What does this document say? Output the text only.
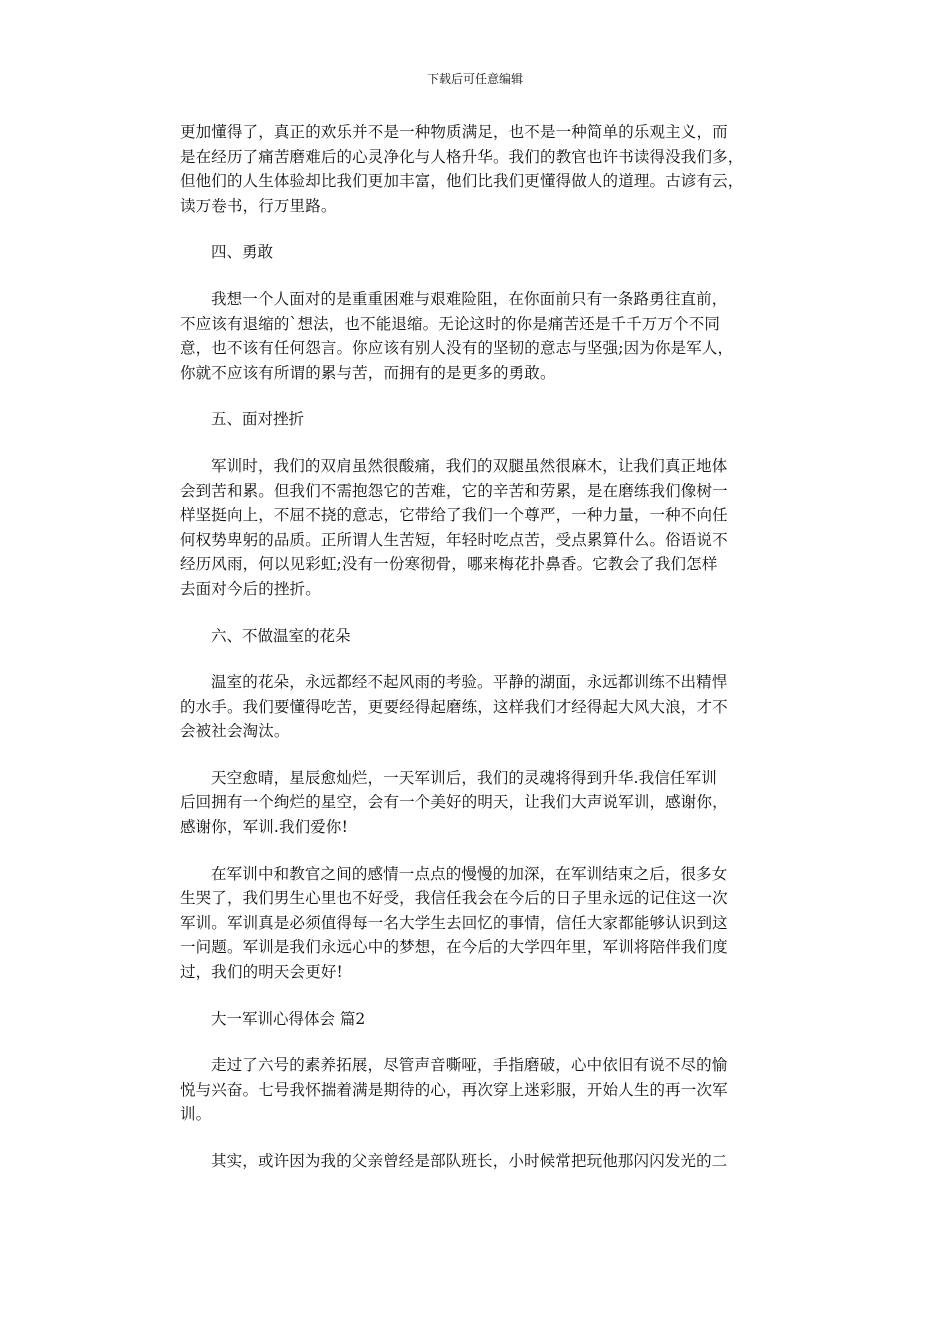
下载后可任意编辑

更加懂得了，真正的欢乐并不是一种物质满足，也不是一种简单的乐观主义，而
是在经历了痛苦磨难后的心灵净化与人格升华。我们的教官也许书读得没我们多，
但他们的人生体验却比我们更加丰富，他们比我们更懂得做人的道理。古谚有云，
读万卷书，行万里路。

四、勇敢

我想一个人面对的是重重困难与艰难险阻，在你面前只有一条路勇往直前，
不应该有退缩的`想法，也不能退缩。无论这时的你是痛苦还是千千万万个不同
意，也不该有任何怨言。你应该有别人没有的坚韧的意志与坚强;因为你是军人，
你就不应该有所谓的累与苦，而拥有的是更多的勇敢。

五、面对挫折

军训时，我们的双肩虽然很酸痛，我们的双腿虽然很麻木，让我们真正地体
会到苦和累。但我们不需抱怨它的苦难，它的辛苦和劳累，是在磨练我们像树一
样坚挺向上，不屈不挠的意志，它带给了我们一个尊严，一种力量，一种不向任
何权势卑躬的品质。正所谓人生苦短，年轻时吃点苦，受点累算什么。俗语说不
经历风雨，何以见彩虹;没有一份寒彻骨，哪来梅花扑鼻香。它教会了我们怎样
去面对今后的挫折。

六、不做温室的花朵

温室的花朵，永远都经不起风雨的考验。平静的湖面，永远都训练不出精悍
的水手。我们要懂得吃苦，更要经得起磨练，这样我们才经得起大风大浪，才不
会被社会淘汰。

天空愈晴，星辰愈灿烂，一天军训后，我们的灵魂将得到升华.我信任军训
后回拥有一个绚烂的星空，会有一个美好的明天，让我们大声说军训，感谢你，
感谢你，军训.我们爱你!

在军训中和教官之间的感情一点点的慢慢的加深，在军训结束之后，很多女
生哭了，我们男生心里也不好受，我信任我会在今后的日子里永远的记住这一次
军训。军训真是必须值得每一名大学生去回忆的事情，信任大家都能够认识到这
一问题。军训是我们永远心中的梦想，在今后的大学四年里，军训将陪伴我们度
过，我们的明天会更好!

大一军训心得体会 篇2

走过了六号的素养拓展，尽管声音嘶哑，手指磨破，心中依旧有说不尽的愉
悦与兴奋。七号我怀揣着满是期待的心，再次穿上迷彩服，开始人生的再一次军
训。

其实，或许因为我的父亲曾经是部队班长，小时候常把玩他那闪闪发光的二
